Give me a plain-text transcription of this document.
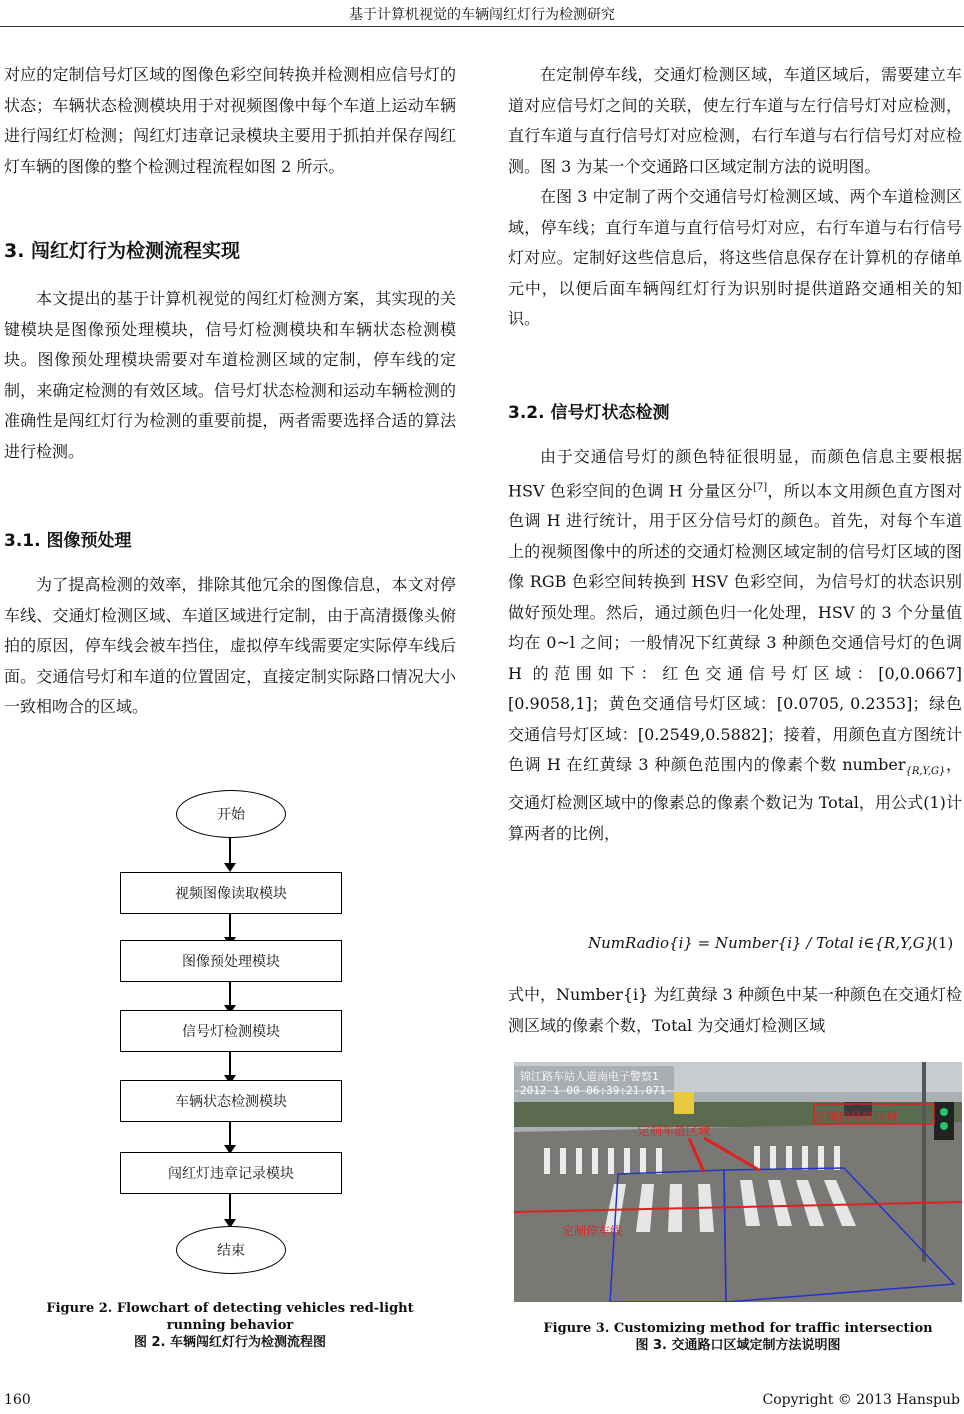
基于计算机视觉的车辆闯红灯行为检测研究

对应的定制信号灯区域的图像色彩空间转换并检测相应信号灯的状态；车辆状态检测模块用于对视频图像中每个车道上运动车辆进行闯红灯检测；闯红灯违章记录模块主要用于抓拍并保存闯红灯车辆的图像的整个检测过程流程如图 2 所示。

3. 闯红灯行为检测流程实现

本文提出的基于计算机视觉的闯红灯检测方案，其实现的关键模块是图像预处理模块，信号灯检测模块和车辆状态检测模块。图像预处理模块需要对车道检测区域的定制，停车线的定制，来确定检测的有效区域。信号灯状态检测和运动车辆检测的准确性是闯红灯行为检测的重要前提，两者需要选择合适的算法进行检测。

3.1. 图像预处理

为了提高检测的效率，排除其他冗余的图像信息，本文对停车线、交通灯检测区域、车道区域进行定制，由于高清摄像头俯拍的原因，停车线会被车挡住，虚拟停车线需要定实际停车线后面。交通信号灯和车道的位置固定，直接定制实际路口情况大小一致相吻合的区域。

开始
视频图像读取模块
图像预处理模块
信号灯检测模块
车辆状态检测模块
闯红灯违章记录模块
结束
Figure 2. Flowchart of detecting vehicles red-light running behavior
图 2. 车辆闯红灯行为检测流程图

在定制停车线，交通灯检测区域，车道区域后，需要建立车道对应信号灯之间的关联，使左行车道与左行信号灯对应检测，直行车道与直行信号灯对应检测，右行车道与右行信号灯对应检测。图 3 为某一个交通路口区域定制方法的说明图。

在图 3 中定制了两个交通信号灯检测区域、两个车道检测区域，停车线；直行车道与直行信号灯对应，右行车道与右行信号灯对应。定制好这些信息后，将这些信息保存在计算机的存储单元中，以便后面车辆闯红灯行为识别时提供道路交通相关的知识。

3.2. 信号灯状态检测

由于交通信号灯的颜色特征很明显，而颜色信息主要根据 HSV 色彩空间的色调 H 分量区分[7]，所以本文用颜色直方图对色调 H 进行统计，用于区分信号灯的颜色。首先，对每个车道上的视频图像中的所述的交通灯检测区域定制的信号灯区域的图像 RGB 色彩空间转换到 HSV 色彩空间，为信号灯的状态识别做好预处理。然后，通过颜色归一化处理，HSV 的 3 个分量值均在 0~l 之间；一般情况下红黄绿 3 种颜色交通信号灯的色调 H 的范围如下：红色交通信号灯区域：[0,0.0667][0.9058,1]；黄色交通信号灯区域：[0.0705, 0.2353]；绿色交通信号灯区域：[0.2549,0.5882]；接着，用颜色直方图统计色调 H 在红黄绿 3 种颜色范围内的像素个数 number$_{\{R,Y,G\}}$，交通灯检测区域中的像素总的像素个数记为 Total，用公式(1)计算两者的比例，

NumRadio{i} = Number{i} / Total i∈{R,Y,G}
(1)

式中，Number{i} 为红黄绿 3 种颜色中某一种颜色在交通灯检测区域的像素个数，Total 为交通灯检测区域

锦江路车站人道南电子警察1
2012 1 00 06:39:21.071
定制信号灯区域
定制车道区域
定制停车线
Figure 3. Customizing method for traffic intersection
图 3. 交通路口区域定制方法说明图
160	Copyright © 2013 Hanspub
